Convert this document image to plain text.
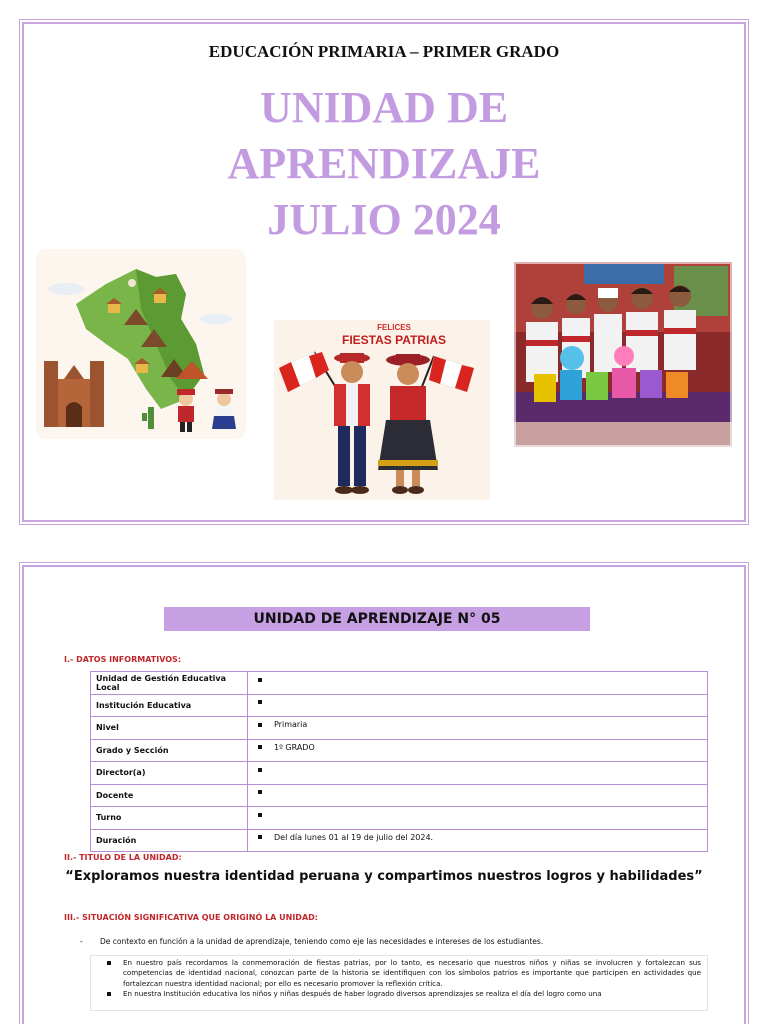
EDUCACIÓN PRIMARIA – PRIMER GRADO
UNIDAD DE
APRENDIZAJE
JULIO 2024
FELICES
FIESTAS PATRIAS
UNIDAD DE APRENDIZAJE N° 05
I.- DATOS INFORMATIVOS:
Unidad de Gestión Educativa Local	
Institución Educativa	
Nivel	Primaria
Grado y Sección	1º GRADO
Director(a)	
Docente	
Turno	
Duración	Del día lunes 01 al 19 de julio del 2024.
II.- TITULO DE LA UNIDAD:
“Exploramos nuestra identidad peruana y compartimos nuestros logros y habilidades”
III.- SITUACIÓN SIGNIFICATIVA QUE ORIGINÓ LA UNIDAD:
- De contexto en función a la unidad de aprendizaje, teniendo como eje las necesidades e intereses de los estudiantes.
En nuestro país recordamos la conmemoración de fiestas patrias, por lo tanto, es necesario que nuestros niños y niñas se involucren y fortalezcan sus competencias de identidad nacional, conozcan parte de la historia se identifiquen con los símbolos patrios es importante que participen en actividades que fortalezcan nuestra identidad nacional; por ello es necesario promover la reflexión crítica.
En nuestra Institución educativa los niños y niñas después de haber logrado diversos aprendizajes se realiza el día del logro como una
